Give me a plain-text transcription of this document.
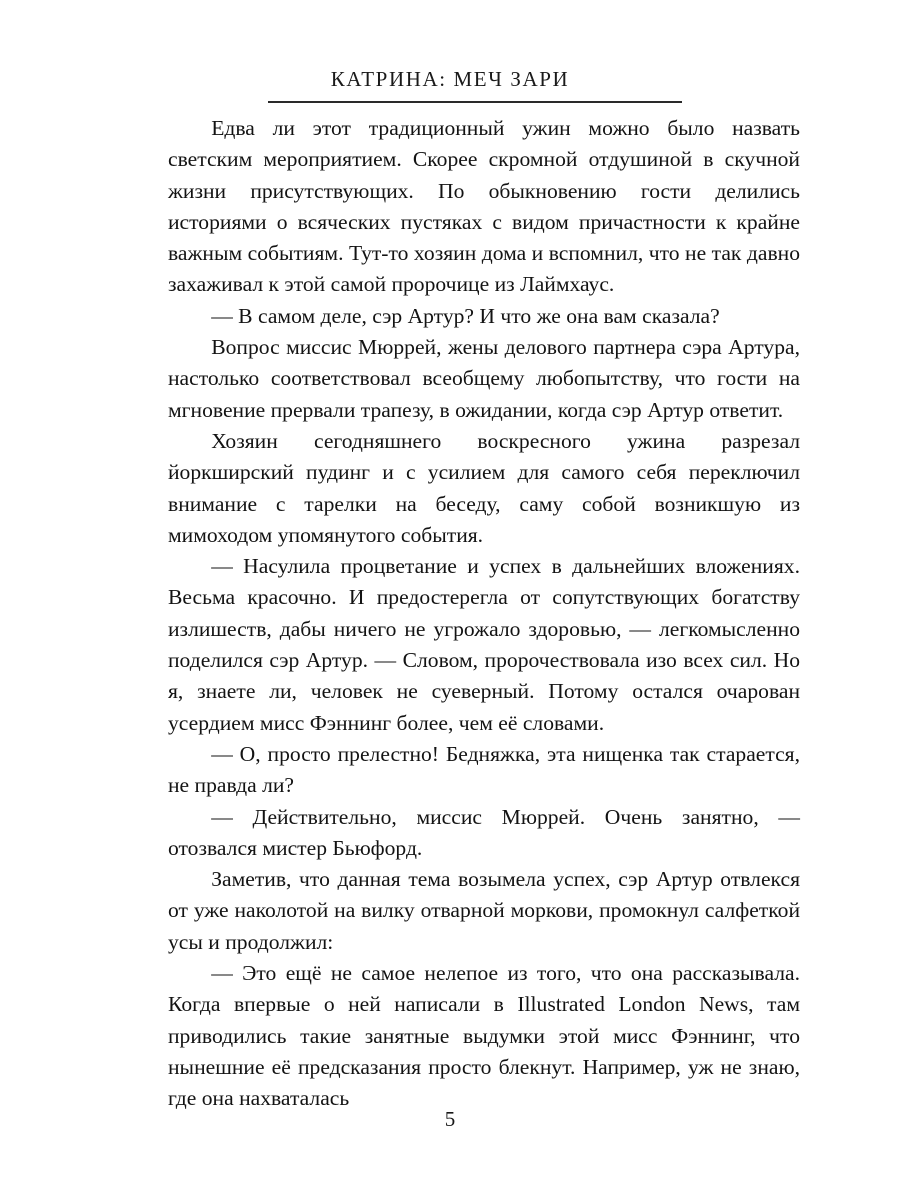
КАТРИНА: МЕЧ ЗАРИ

Едва ли этот традиционный ужин можно было назвать светским мероприятием. Скорее скромной отдушиной в скучной жизни присутствующих. По обыкновению гости делились историями о всяческих пустяках с видом причастности к крайне важным событиям. Тут-то хозяин дома и вспомнил, что не так давно захаживал к этой самой пророчице из Лаймхаус.

— В самом деле, сэр Артур? И что же она вам сказала?

Вопрос миссис Мюррей, жены делового партнера сэра Артура, настолько соответствовал всеобщему любопытству, что гости на мгновение прервали трапезу, в ожидании, когда сэр Артур ответит.

Хозяин сегодняшнего воскресного ужина разрезал йоркширский пудинг и с усилием для самого себя переключил внимание с тарелки на беседу, саму собой возникшую из мимоходом упомянутого события.

— Насулила процветание и успех в дальнейших вложениях. Весьма красочно. И предостерегла от сопутствующих богатству излишеств, дабы ничего не угрожало здоровью, — легкомысленно поделился сэр Артур. — Словом, пророчествовала изо всех сил. Но я, знаете ли, человек не суеверный. Потому остался очарован усердием мисс Фэннинг более, чем её словами.

— О, просто прелестно! Бедняжка, эта нищенка так старается, не правда ли?

— Действительно, миссис Мюррей. Очень занятно, — отозвался мистер Бьюфорд.

Заметив, что данная тема возымела успех, сэр Артур отвлекся от уже наколотой на вилку отварной моркови, промокнул салфеткой усы и продолжил:

— Это ещё не самое нелепое из того, что она рассказывала. Когда впервые о ней написали в Illustrated London News, там приводились такие занятные выдумки этой мисс Фэннинг, что нынешние её предсказания просто блекнут. Например, уж не знаю, где она нахваталась

5
